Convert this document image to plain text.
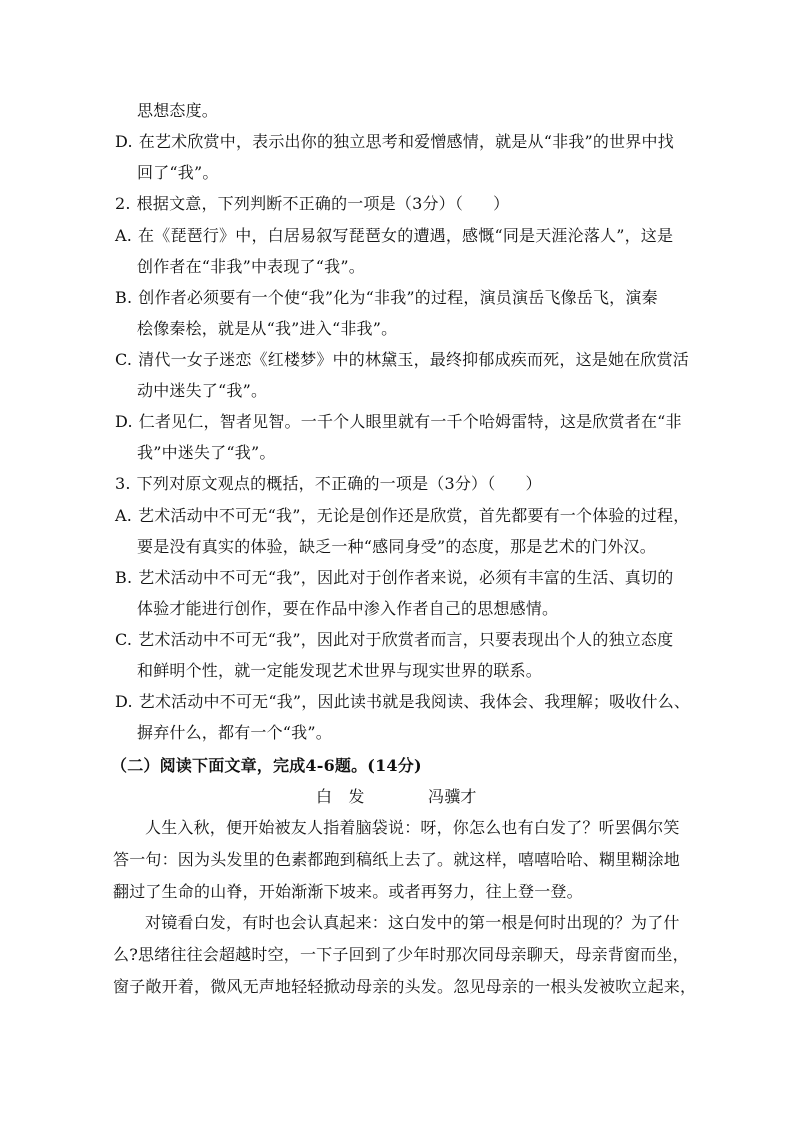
思想态度。
D. 在艺术欣赏中，表示出你的独立思考和爱憎感情，就是从“非我”的世界中找
回了“我”。
2. 根据文意，下列判断不正确的一项是（3分）（ ）
A. 在《琵琶行》中，白居易叙写琵琶女的遭遇，感慨“同是天涯沦落人”，这是
创作者在“非我”中表现了“我”。
B. 创作者必须要有一个使“我”化为“非我”的过程，演员演岳飞像岳飞，演秦
桧像秦桧，就是从“我”进入“非我”。
C. 清代一女子迷恋《红楼梦》中的林黛玉，最终抑郁成疾而死，这是她在欣赏活
动中迷失了“我”。
D. 仁者见仁，智者见智。一千个人眼里就有一千个哈姆雷特，这是欣赏者在“非
我”中迷失了“我”。
3. 下列对原文观点的概括，不正确的一项是（3分）（ ）
A. 艺术活动中不可无“我”，无论是创作还是欣赏，首先都要有一个体验的过程，
要是没有真实的体验，缺乏一种“感同身受”的态度，那是艺术的门外汉。
B. 艺术活动中不可无“我”，因此对于创作者来说，必须有丰富的生活、真切的
体验才能进行创作，要在作品中渗入作者自己的思想感情。
C. 艺术活动中不可无“我”，因此对于欣赏者而言，只要表现出个人的独立态度
和鲜明个性，就一定能发现艺术世界与现实世界的联系。
D. 艺术活动中不可无“我”，因此读书就是我阅读、我体会、我理解；吸收什么、
摒弃什么，都有一个“我”。
（二）阅读下面文章，完成4-6题。(14分)
白　发	冯骥才
人生入秋，便开始被友人指着脑袋说：呀，你怎么也有白发了？听罢偶尔笑
答一句：因为头发里的色素都跑到稿纸上去了。就这样，嘻嘻哈哈、糊里糊涂地
翻过了生命的山脊，开始渐渐下坡来。或者再努力，往上登一登。
对镜看白发，有时也会认真起来：这白发中的第一根是何时出现的？为了什
么?思绪往往会超越时空，一下子回到了少年时那次同母亲聊天，母亲背窗而坐，
窗子敞开着，微风无声地轻轻掀动母亲的头发。忽见母亲的一根头发被吹立起来，
